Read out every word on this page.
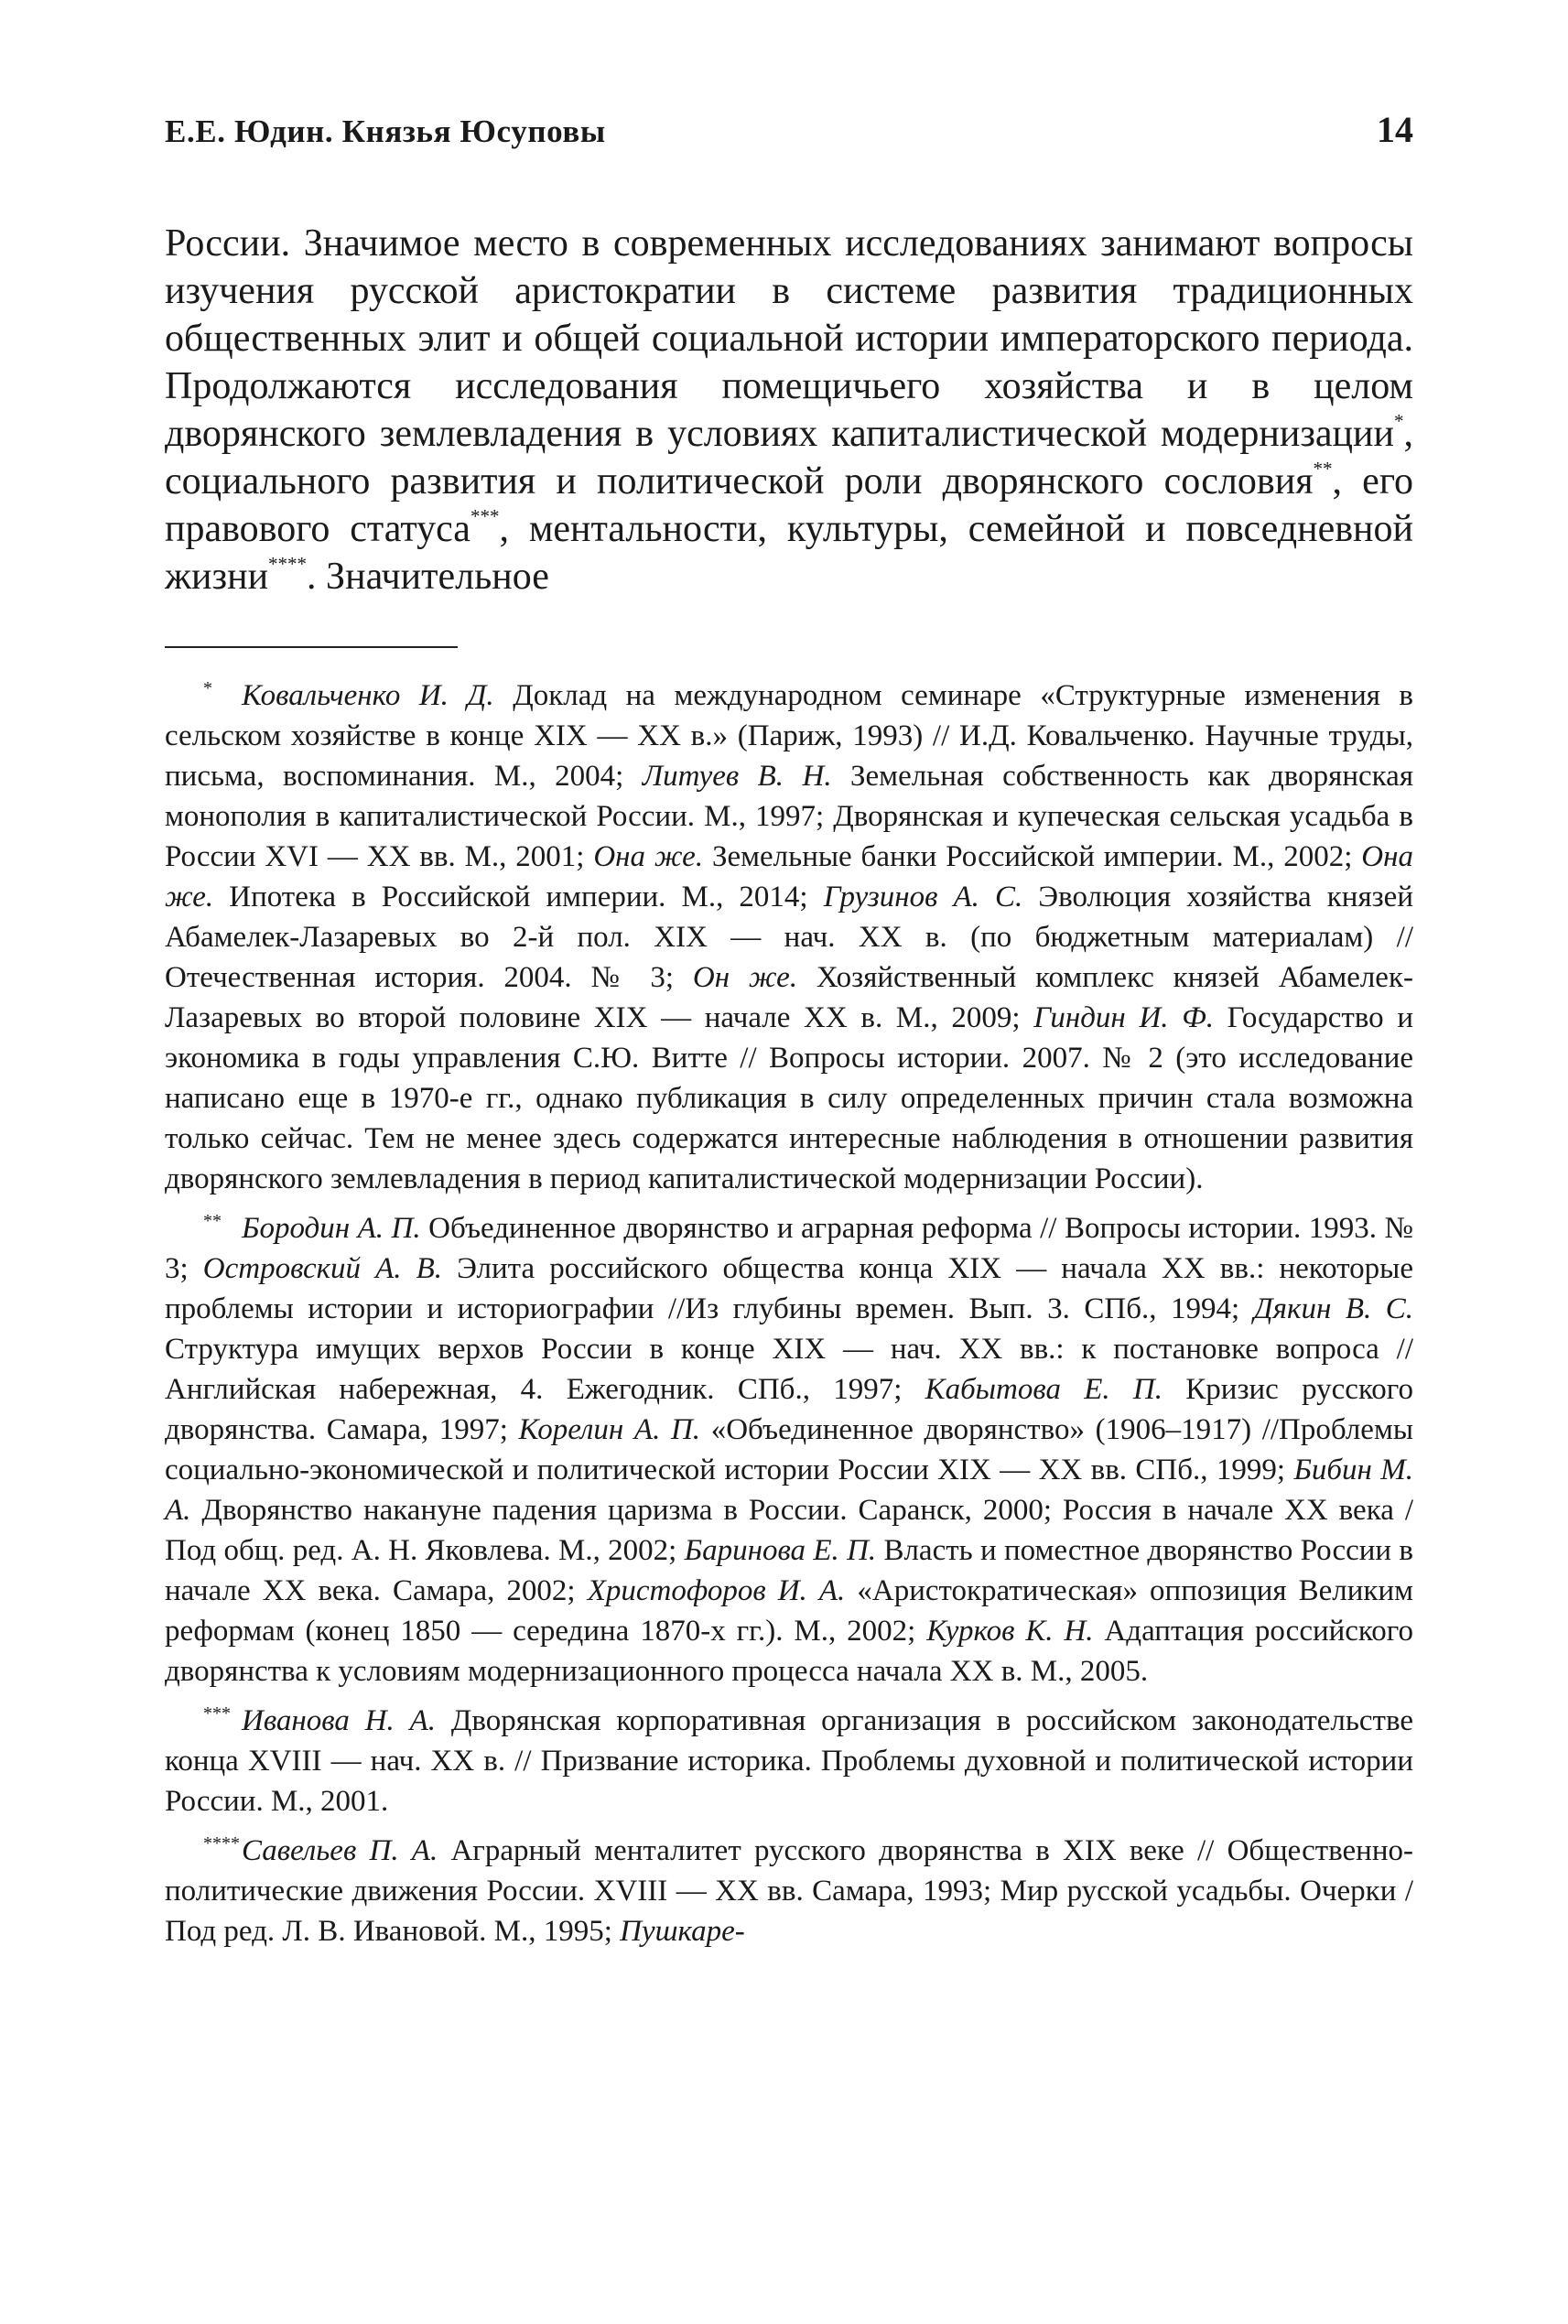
Е.Е. Юдин. Князья Юсуповы	14

России. Значимое место в современных исследованиях занимают вопросы изучения русской аристократии в системе развития традиционных общественных элит и общей социальной истории императорского периода. Продолжаются исследования помещичьего хозяйства и в целом дворянского землевладения в условиях капиталистической модернизации*, социального развития и политической роли дворянского сословия**, его правового статуса***, ментальности, культуры, семейной и повседневной жизни****. Значительное

* Ковальченко И. Д. Доклад на международном семинаре «Структурные изменения в сельском хозяйстве в конце XIX — XX в.» (Париж, 1993) // И.Д. Ковальченко. Научные труды, письма, воспоминания. М., 2004; Литуев В. Н. Земельная собственность как дворянская монополия в капиталистической России. М., 1997; Дворянская и купеческая сельская усадьба в России XVI — XX вв. М., 2001; Она же. Земельные банки Российской империи. М., 2002; Она же. Ипотека в Российской империи. М., 2014; Грузинов А. С. Эволюция хозяйства князей Абамелек-Лазаревых во 2-й пол. XIX — нач. XX в. (по бюджетным материалам) // Отечественная история. 2004. № 3; Он же. Хозяйственный комплекс князей Абамелек-Лазаревых во второй половине XIX — начале XX в. М., 2009; Гиндин И. Ф. Государство и экономика в годы управления С.Ю. Витте // Вопросы истории. 2007. № 2 (это исследование написано еще в 1970-е гг., однако публикация в силу определенных причин стала возможна только сейчас. Тем не менее здесь содержатся интересные наблюдения в отношении развития дворянского землевладения в период капиталистической модернизации России).

** Бородин А. П. Объединенное дворянство и аграрная реформа // Вопросы истории. 1993. № 3; Островский А. В. Элита российского общества конца XIX — начала XX вв.: некоторые проблемы истории и историографии //Из глубины времен. Вып. 3. СПб., 1994; Дякин В. С. Структура имущих верхов России в конце XIX — нач. XX вв.: к постановке вопроса // Английская набережная, 4. Ежегодник. СПб., 1997; Кабытова Е. П. Кризис русского дворянства. Самара, 1997; Корелин А. П. «Объединенное дворянство» (1906–1917) //Проблемы социально-экономической и политической истории России XIX — XX вв. СПб., 1999; Бибин М. А. Дворянство накануне падения царизма в России. Саранск, 2000; Россия в начале XX века / Под общ. ред. А. Н. Яковлева. М., 2002; Баринова Е. П. Власть и поместное дворянство России в начале XX века. Самара, 2002; Христофоров И. А. «Аристократическая» оппозиция Великим реформам (конец 1850 — середина 1870-х гг.). М., 2002; Курков К. Н. Адаптация российского дворянства к условиям модернизационного процесса начала XX в. М., 2005.

*** Иванова Н. А. Дворянская корпоративная организация в российском законодательстве конца XVIII — нач. XX в. // Призвание историка. Проблемы духовной и политической истории России. М., 2001.

****Савельев П. А. Аграрный менталитет русского дворянства в XIX веке // Общественно-политические движения России. XVIII — XX вв. Самара, 1993; Мир русской усадьбы. Очерки / Под ред. Л. В. Ивановой. М., 1995; Пушкаре-
